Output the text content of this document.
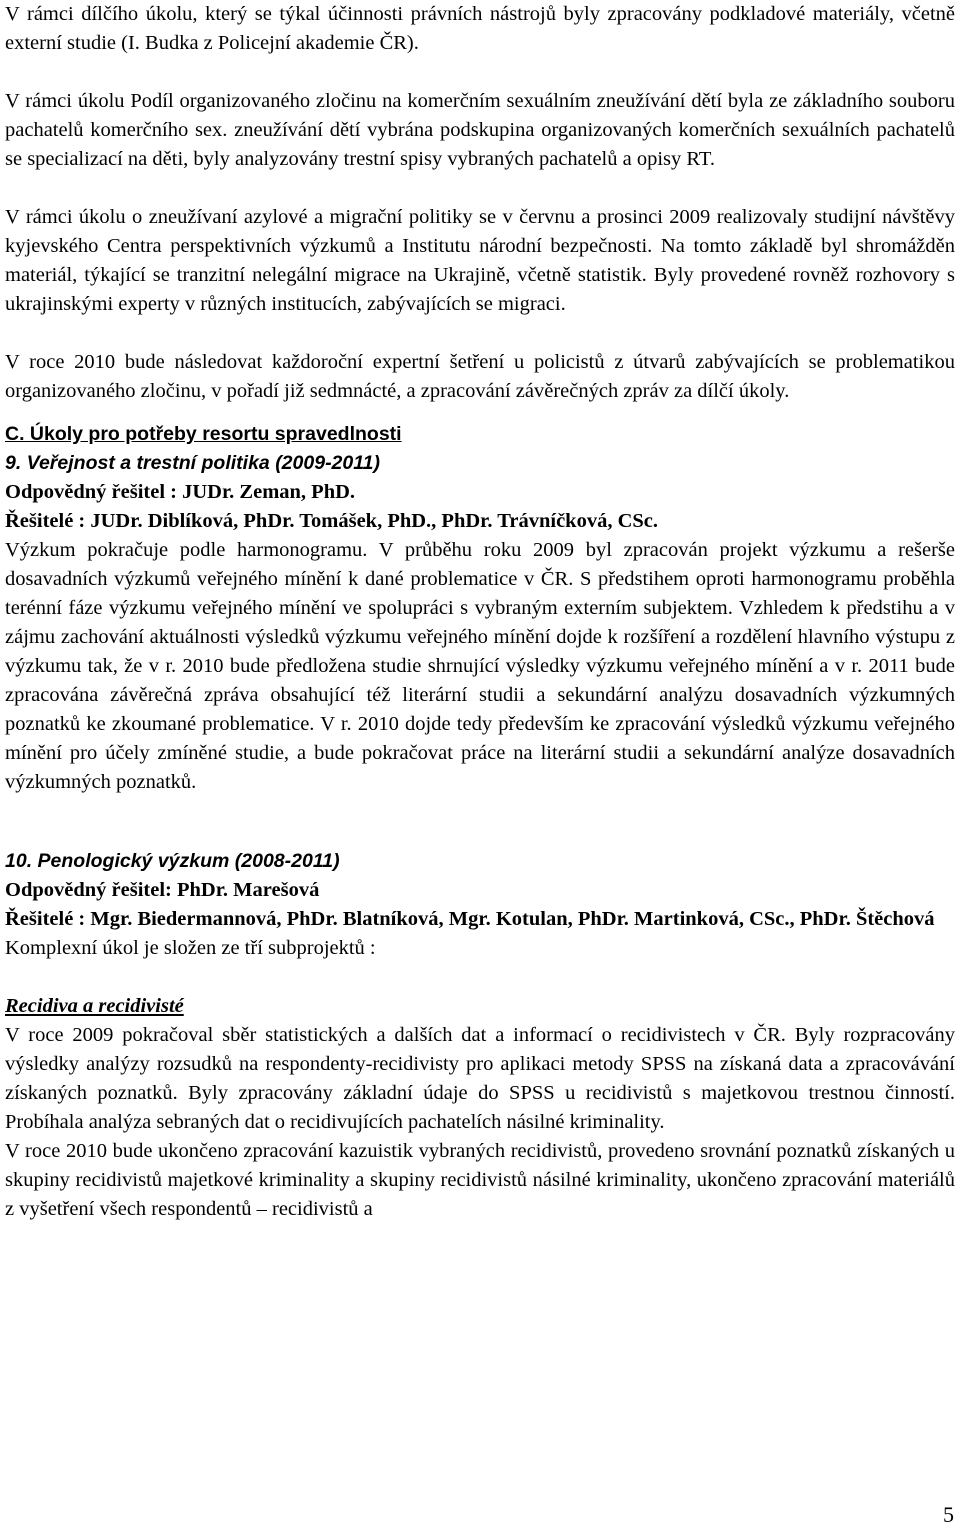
V rámci dílčího úkolu, který se týkal účinnosti právních nástrojů byly zpracovány podkladové materiály, včetně externí studie (I. Budka z Policejní akademie ČR).

V rámci úkolu Podíl organizovaného zločinu na komerčním sexuálním zneužívání dětí byla ze základního souboru pachatelů komerčního sex. zneužívání dětí vybrána podskupina organizovaných komerčních sexuálních pachatelů se specializací na děti, byly analyzovány trestní spisy vybraných pachatelů a opisy RT.

V rámci úkolu o zneužívaní azylové a migrační politiky se v červnu a prosinci 2009 realizovaly studijní návštěvy kyjevského Centra perspektivních výzkumů a Institutu národní bezpečnosti. Na tomto základě byl shromážděn materiál, týkající se tranzitní nelegální migrace na Ukrajině, včetně statistik. Byly provedené rovněž rozhovory s ukrajinskými experty v různých institucích, zabývajících se migraci.

V roce 2010 bude následovat každoroční expertní šetření u policistů z útvarů zabývajících se problematikou organizovaného zločinu, v pořadí již sedmnácté, a zpracování závěrečných zpráv za dílčí úkoly.

C. Úkoly pro potřeby resortu spravedlnosti

9. Veřejnost a trestní politika (2009-2011)

Odpovědný řešitel : JUDr. Zeman, PhD.

Řešitelé : JUDr. Diblíková, PhDr. Tomášek, PhD., PhDr. Trávníčková, CSc.

Výzkum pokračuje podle harmonogramu. V průběhu roku 2009 byl zpracován projekt výzkumu a rešerše dosavadních výzkumů veřejného mínění k dané problematice v ČR. S předstihem oproti harmonogramu proběhla terénní fáze výzkumu veřejného mínění ve spolupráci s vybraným externím subjektem. Vzhledem k předstihu a v zájmu zachování aktuálnosti výsledků výzkumu veřejného mínění dojde k rozšíření a rozdělení hlavního výstupu z výzkumu tak, že v r. 2010 bude předložena studie shrnující výsledky výzkumu veřejného mínění a v r. 2011 bude zpracována závěrečná zpráva obsahující též literární studii a sekundární analýzu dosavadních výzkumných poznatků ke zkoumané problematice. V r. 2010 dojde tedy především ke zpracování výsledků výzkumu veřejného mínění pro účely zmíněné studie, a bude pokračovat práce na literární studii a sekundární analýze dosavadních výzkumných poznatků.

10. Penologický výzkum (2008-2011)

Odpovědný řešitel: PhDr. Marešová

Řešitelé : Mgr. Biedermannová, PhDr. Blatníková, Mgr. Kotulan, PhDr. Martinková, CSc., PhDr. Štěchová

Komplexní úkol je složen ze tří subprojektů :

Recidiva a recidivisté

V roce 2009 pokračoval sběr statistických a dalších dat a informací o recidivistech v ČR. Byly rozpracovány výsledky analýzy rozsudků na respondenty-recidivisty pro aplikaci metody SPSS na získaná data a zpracovávání získaných poznatků. Byly zpracovány základní údaje do SPSS u recidivistů s majetkovou trestnou činností. Probíhala analýza sebraných dat o recidivujících pachatelích násilné kriminality.

V roce 2010 bude ukončeno zpracování kazuistik vybraných recidivistů, provedeno srovnání poznatků získaných u skupiny recidivistů majetkové kriminality a skupiny recidivistů násilné kriminality, ukončeno zpracování materiálů z vyšetření všech respondentů – recidivistů a

5
